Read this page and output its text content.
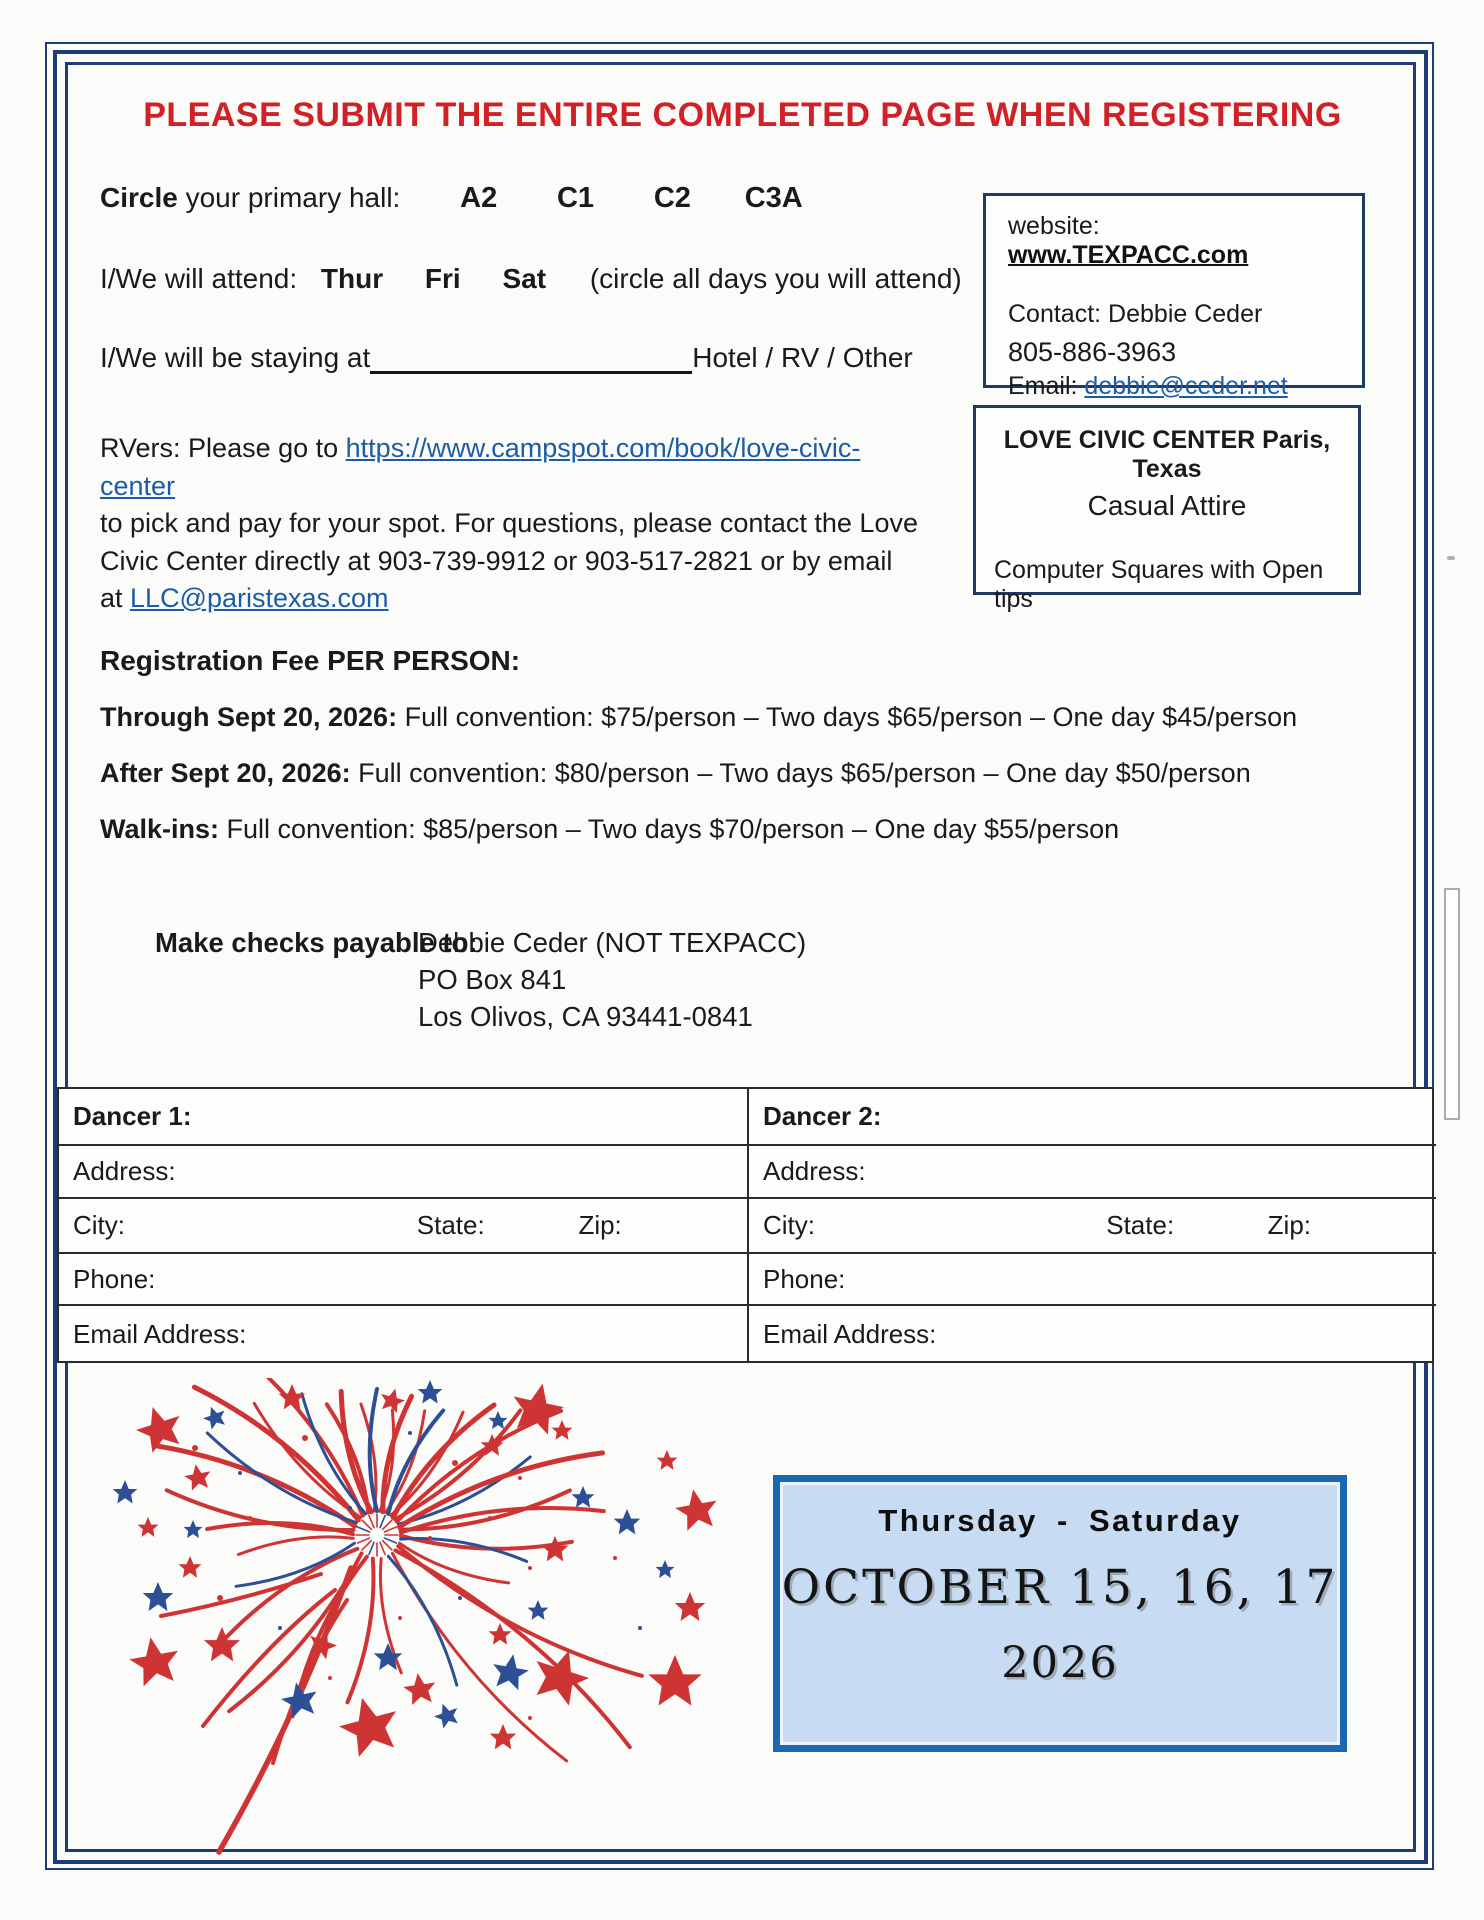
PLEASE SUBMIT THE ENTIRE COMPLETED PAGE WHEN REGISTERING
Circle your primary hall: A2 C1 C2 C3A
I/We will attend: Thur Fri Sat (circle all days you will attend)
I/We will be staying at	Hotel / RV / Other
website: www.TEXPACC.com
Contact: Debbie Ceder
805-886-3963
Email: debbie@ceder.net
LOVE CIVIC CENTER Paris, Texas
Casual Attire
Computer Squares with Open tips
RVers: Please go to https://www.campspot.com/book/love-civic-center
to pick and pay for your spot. For questions, please contact the Love
Civic Center directly at 903-739-9912 or 903-517-2821 or by email
at LLC@paristexas.com
Registration Fee PER PERSON:
Through Sept 20, 2026: Full convention: $75/person – Two days $65/person – One day $45/person
After Sept 20, 2026: Full convention: $80/person – Two days $65/person – One day $50/person
Walk-ins: Full convention: $85/person – Two days $70/person – One day $55/person
Make checks payable to:
Debbie Ceder (NOT TEXPACC)
PO Box 841
Los Olivos, CA 93441-0841
Dancer 1:	Dancer 2:
Address:	Address:
City:	State:	Zip:	City:	State:	Zip:
Phone:	Phone:
Email Address:	Email Address:
Thursday - Saturday
OCTOBER 15, 16, 17
2026
